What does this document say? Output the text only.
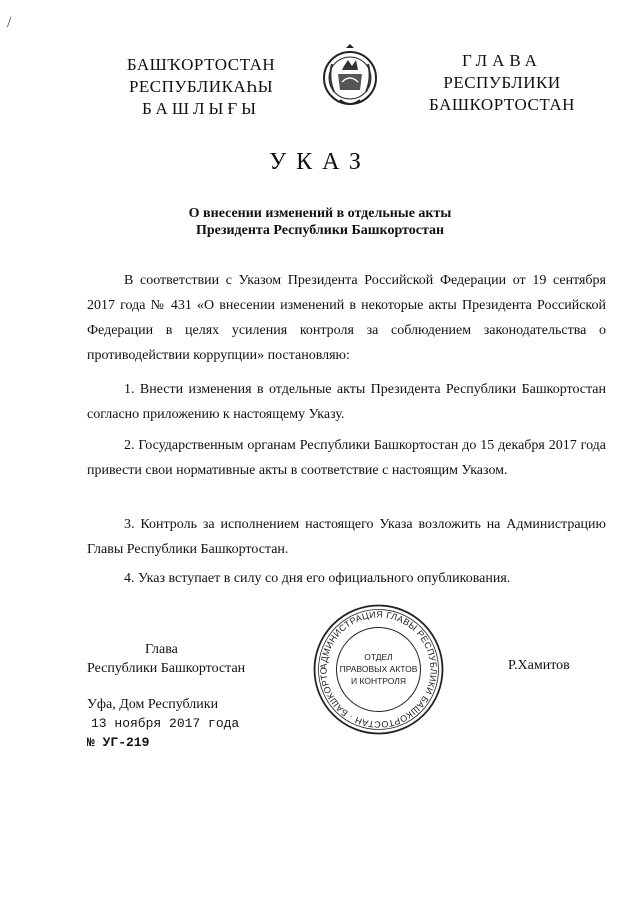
/
БАШҠОРТОСТАН
РЕСПУБЛИКАҺЫ
БАШЛЫҒЫ
ГЛАВА
РЕСПУБЛИКИ
БАШКОРТОСТАН
УКАЗ
О внесении изменений в отдельные акты
Президента Республики Башкортостан
В соответствии с Указом Президента Российской Федерации от 19 сентября 2017 года № 431 «О внесении изменений в некоторые акты Президента Российской Федерации в целях усиления контроля за соблюдением законодательства о противодействии коррупции» постановляю:
1. Внести изменения в отдельные акты Президента Республики Башкортостан согласно приложению к настоящему Указу.
2. Государственным органам Республики Башкортостан до 15 декабря 2017 года привести свои нормативные акты в соответствие с настоящим Указом.
3. Контроль за исполнением настоящего Указа возложить на Администрацию Главы Республики Башкортостан.
4. Указ вступает в силу со дня его официального опубликования.
Глава
Республики Башкортостан	АДМИНИСТРАЦИЯ ГЛАВЫ РЕСПУБЛИКИ БАШКОРТОСТАН · БАШКОРТО
ОТДЕЛ
ПРАВОВЫХ АКТОВ
И КОНТРОЛЯ
Р.Хамитов
Уфа, Дом Республики
13 ноября 2017 года
№ УГ-219
